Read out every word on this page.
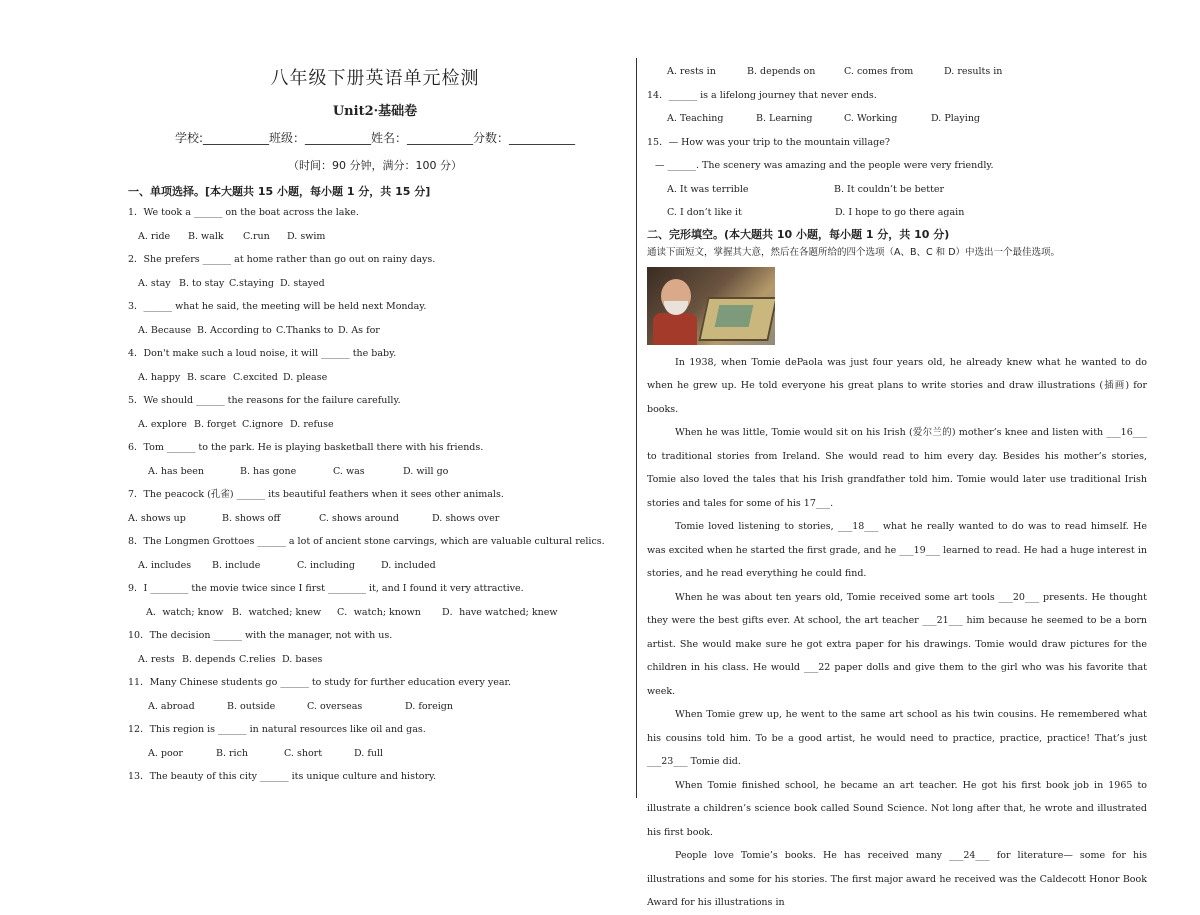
八年级下册英语单元检测
Unit2·基础卷
学校:___________班级：___________姓名：___________分数：___________
（时间：90 分钟，满分：100 分）
一、单项选择。[本大题共 15 小题，每小题 1 分，共 15 分]
1．We took a ______ on the boat across the lake.
A. ride	B. walk	C.run	D. swim
2．She prefers ______ at home rather than go out on rainy days.
A. stay B. to stay C.staying D. stayed
3．______ what he said, the meeting will be held next Monday.
A. Because B. According to C.Thanks to D. As for
4．Don't make such a loud noise, it will ______ the baby.
A. happy B. scare C.excited D. please
5．We should ______ the reasons for the failure carefully.
A. explore B. forget C.ignore D. refuse
6．Tom ______ to the park. He is playing basketball there with his friends.
A. has been	B. has gone	C. was	D. will go
7．The peacock (孔雀) ______ its beautiful feathers when it sees other animals.
A. shows up	B. shows off	C. shows around	D. shows over
8．The Longmen Grottoes ______ a lot of ancient stone carvings, which are valuable cultural relics.
A. includes	B. include	C. including	D. included
9．I ________ the movie twice since I first ________ it, and I found it very attractive.
A．watch; know B．watched; knew	C．watch; known	D．have watched; knew
10．The decision ______ with the manager, not with us.
A. rests B. depends C.relies D. bases
11．Many Chinese students go ______ to study for further education every year.
A. abroad	B. outside	C. overseas	D. foreign
12．This region is ______ in natural resources like oil and gas.
A. poor	B. rich	C. short	D. full
13．The beauty of this city ______ its unique culture and history.
A. rests in	B. depends on	C. comes from	D. results in
14．______ is a lifelong journey that never ends.
A. Teaching	B. Learning	C. Working	D. Playing
15．— How was your trip to the mountain village?
— ______. The scenery was amazing and the people were very friendly.
A. It was terrible	B. It couldn’t be better
C. I don’t like it	D. I hope to go there again
二、完形填空。(本大题共 10 小题，每小题 1 分，共 10 分)
通读下面短文，掌握其大意，然后在各题所给的四个选项（A、B、C 和 D）中选出一个最佳选项。
In 1938, when Tomie dePaola was just four years old, he already knew what he wanted to do when he grew up. He told everyone his great plans to write stories and draw illustrations (插画) for books.
When he was little, Tomie would sit on his Irish (爱尔兰的) mother’s knee and listen with ___16___ to traditional stories from Ireland. She would read to him every day. Besides his mother’s stories, Tomie also loved the tales that his Irish grandfather told him. Tomie would later use traditional Irish stories and tales for some of his 17___.
Tomie loved listening to stories, ___18___ what he really wanted to do was to read himself. He was excited when he started the first grade, and he ___19___ learned to read. He had a huge interest in stories, and he read everything he could find.
When he was about ten years old, Tomie received some art tools ___20___ presents. He thought they were the best gifts ever. At school, the art teacher ___21___ him because he seemed to be a born artist. She would make sure he got extra paper for his drawings. Tomie would draw pictures for the children in his class. He would ___22 paper dolls and give them to the girl who was his favorite that week.
When Tomie grew up, he went to the same art school as his twin cousins. He remembered what his cousins told him. To be a good artist, he would need to practice, practice, practice! That’s just ___23___ Tomie did.
When Tomie finished school, he became an art teacher. He got his first book job in 1965 to illustrate a children’s science book called Sound Science. Not long after that, he wrote and illustrated his first book.
People love Tomie’s books. He has received many ___24___ for literature— some for his illustrations and some for his stories. The first major award he received was the Caldecott Honor Book Award for his illustrations in
